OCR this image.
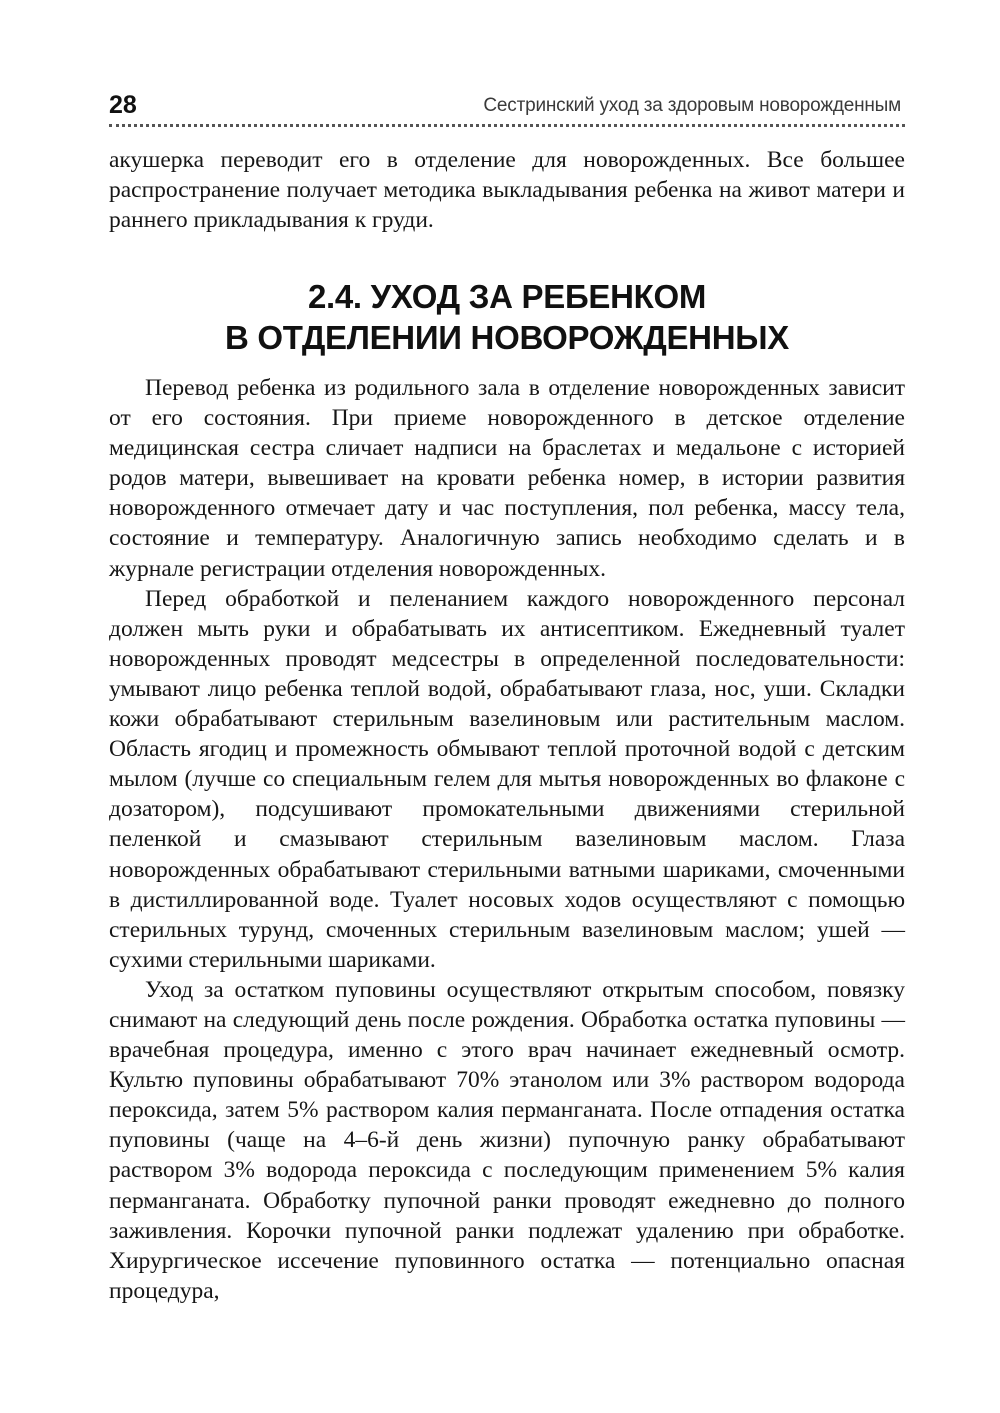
28	Сестринский уход за здоровым новорожденным

акушерка переводит его в отделение для новорожденных. Все большее распространение получает методика выкладывания ребенка на живот матери и раннего прикладывания к груди.

2.4. УХОД ЗА РЕБЕНКОМ
В ОТДЕЛЕНИИ НОВОРОЖДЕННЫХ

Перевод ребенка из родильного зала в отделение новорожденных зависит от его состояния. При приеме новорожденного в детское отделение медицинская сестра сличает надписи на браслетах и медальоне с историей родов матери, вывешивает на кровати ребенка номер, в истории развития новорожденного отмечает дату и час поступления, пол ребенка, массу тела, состояние и температуру. Аналогичную запись необходимо сделать и в журнале регистрации отделения новорожденных.

Перед обработкой и пеленанием каждого новорожденного персонал должен мыть руки и обрабатывать их антисептиком. Ежедневный туалет новорожденных проводят медсестры в определенной последовательности: умывают лицо ребенка теплой водой, обрабатывают глаза, нос, уши. Складки кожи обрабатывают стерильным вазелиновым или растительным маслом. Область ягодиц и промежность обмывают теплой проточной водой с детским мылом (лучше со специальным гелем для мытья новорожденных во флаконе с дозатором), подсушивают промокательными движениями стерильной пеленкой и смазывают стерильным вазелиновым маслом. Глаза новорожденных обрабатывают стерильными ватными шариками, смоченными в дистиллированной воде. Туалет носовых ходов осуществляют с помощью стерильных турунд, смоченных стерильным вазелиновым маслом; ушей — сухими стерильными шариками.

Уход за остатком пуповины осуществляют открытым способом, повязку снимают на следующий день после рождения. Обработка остатка пуповины — врачебная процедура, именно с этого врач начинает ежедневный осмотр. Культю пуповины обрабатывают 70% этанолом или 3% раствором водорода пероксида, затем 5% раствором калия перманганата. После отпадения остатка пуповины (чаще на 4–6-й день жизни) пупочную ранку обрабатывают раствором 3% водорода пероксида с последующим применением 5% калия перманганата. Обработку пупочной ранки проводят ежедневно до полного заживления. Корочки пупочной ранки подлежат удалению при обработке. Хирургическое иссечение пуповинного остатка — потенциально опасная процедура,
